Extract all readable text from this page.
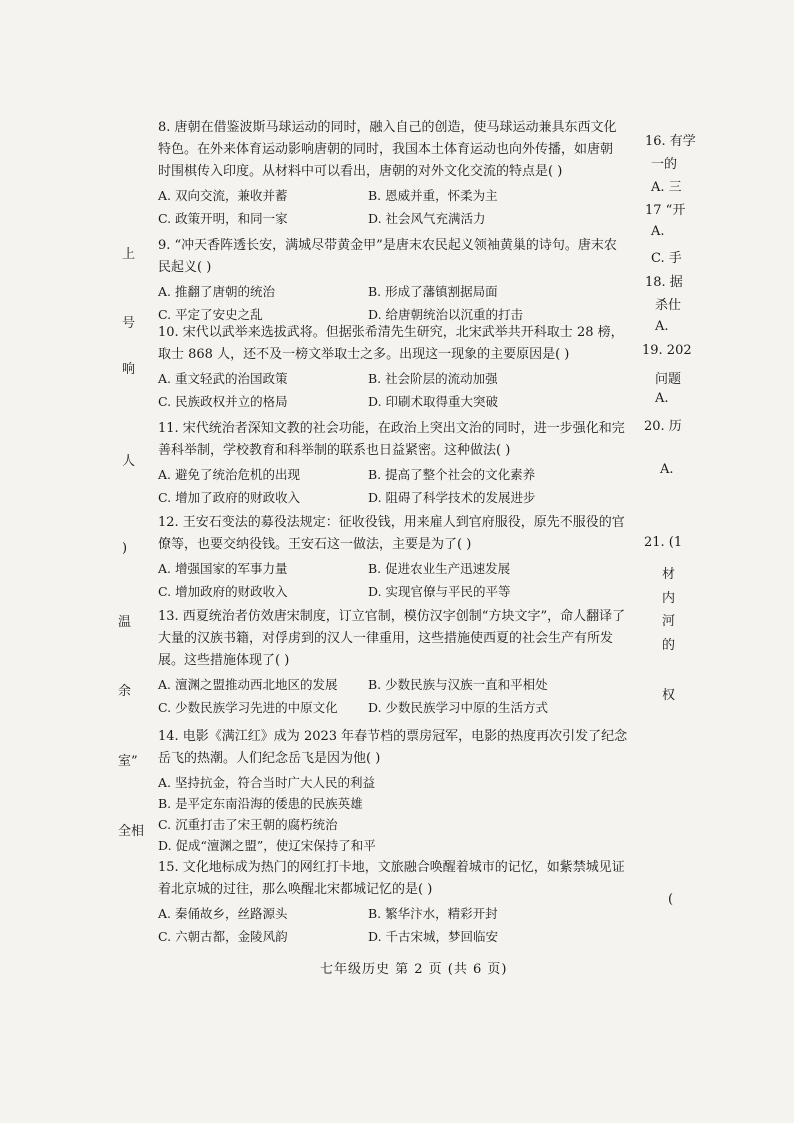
8. 唐朝在借鉴波斯马球运动的同时，融入自己的创造，使马球运动兼具东西文化特色。在外来体育运动影响唐朝的同时，我国本土体育运动也向外传播，如唐朝时围棋传入印度。从材料中可以看出，唐朝的对外文化交流的特点是( )
A. 双向交流，兼收并蓄	B. 恩威并重，怀柔为主
C. 政策开明，和同一家	D. 社会风气充满活力
9. “冲天香阵透长安，满城尽带黄金甲”是唐末农民起义领袖黄巢的诗句。唐末农民起义( )
A. 推翻了唐朝的统治	B. 形成了藩镇割据局面
C. 平定了安史之乱	D. 给唐朝统治以沉重的打击
10. 宋代以武举来选拔武将。但据张希清先生研究，北宋武举共开科取士 28 榜，取士 868 人，还不及一榜文举取士之多。出现这一现象的主要原因是( )
A. 重文轻武的治国政策	B. 社会阶层的流动加强
C. 民族政权并立的格局	D. 印刷术取得重大突破
11. 宋代统治者深知文教的社会功能，在政治上突出文治的同时，进一步强化和完善科举制，学校教育和科举制的联系也日益紧密。这种做法( )
A. 避免了统治危机的出现	B. 提高了整个社会的文化素养
C. 增加了政府的财政收入	D. 阻碍了科学技术的发展进步
12. 王安石变法的募役法规定：征收役钱，用来雇人到官府服役，原先不服役的官僚等，也要交纳役钱。王安石这一做法，主要是为了( )
A. 增强国家的军事力量	B. 促进农业生产迅速发展
C. 增加政府的财政收入	D. 实现官僚与平民的平等
13. 西夏统治者仿效唐宋制度，订立官制，模仿汉字创制“方块文字”，命人翻译了大量的汉族书籍，对俘虏到的汉人一律重用，这些措施使西夏的社会生产有所发展。这些措施体现了( )
A. 澶渊之盟推动西北地区的发展	B. 少数民族与汉族一直和平相处
C. 少数民族学习先进的中原文化	D. 少数民族学习中原的生活方式
14. 电影《满江红》成为 2023 年春节档的票房冠军，电影的热度再次引发了纪念岳飞的热潮。人们纪念岳飞是因为他( )
A. 坚持抗金，符合当时广大人民的利益
B. 是平定东南沿海的倭患的民族英雄
C. 沉重打击了宋王朝的腐朽统治
D. 促成“澶渊之盟”，使辽宋保持了和平
15. 文化地标成为热门的网红打卡地，文旅融合唤醒着城市的记忆，如紫禁城见证着北京城的过往，那么唤醒北宋都城记忆的是( )
A. 秦俑故乡，丝路源头	B. 繁华汴水，精彩开封
C. 六朝古都，金陵风韵	D. 千古宋城，梦回临安
上
号
响
人
)
温
余
室”
全相
16. 有学
一的
A. 三
17 “开
A.
C. 手
18. 据
杀仕
A.
19. 202
问题
A.
20. 历
A.
21. (1
材
内
河
的
权
(
七年级历史 第 2 页 (共 6 页)
